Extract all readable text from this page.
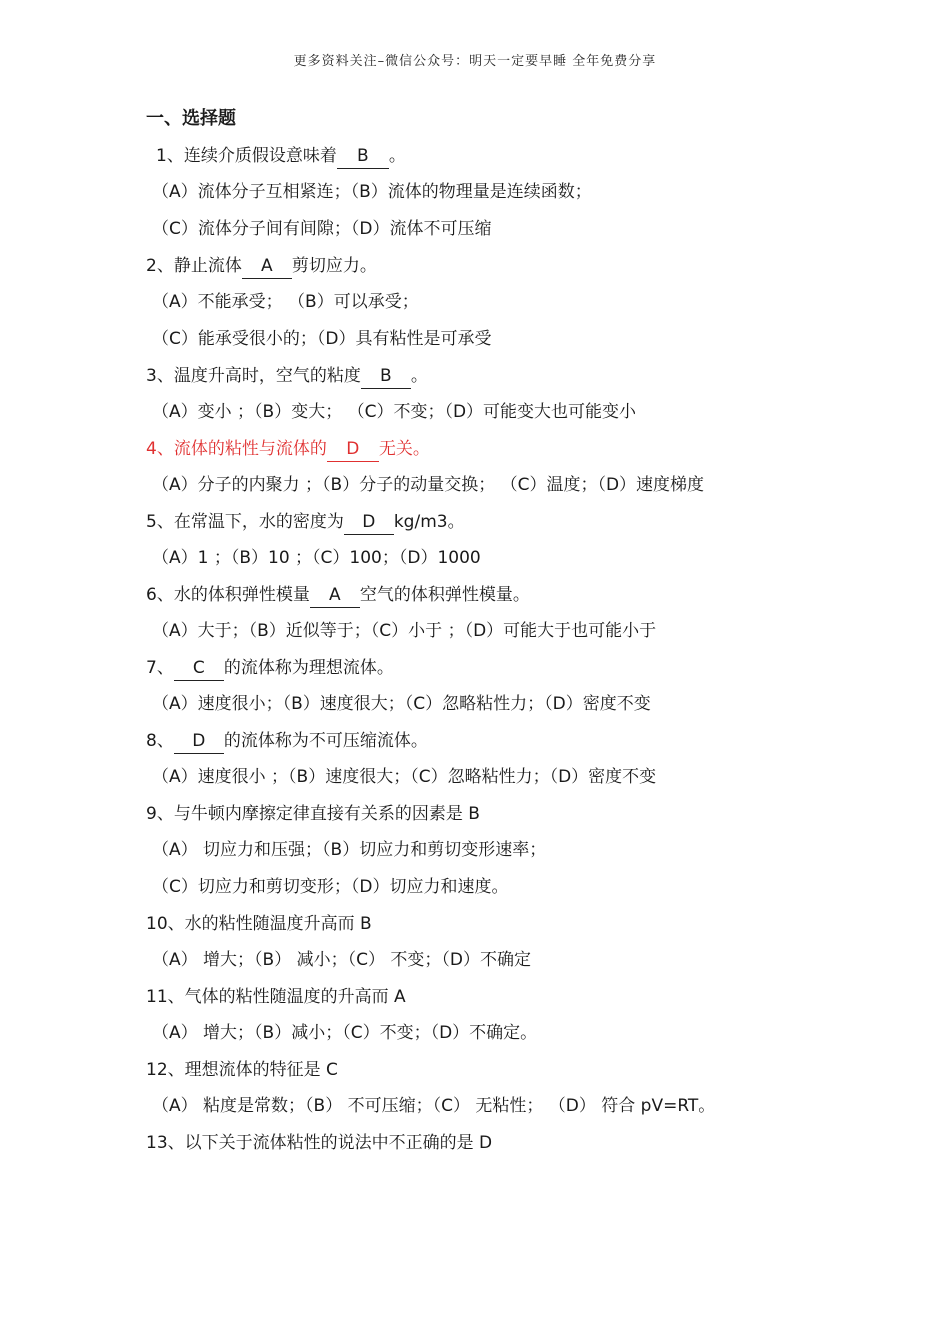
更多资料关注–微信公众号：明天一定要早睡 全年免费分享
一、选择题
1、连续介质假设意味着 B 。
（A）流体分子互相紧连；（B）流体的物理量是连续函数；
（C）流体分子间有间隙；（D）流体不可压缩
2、静止流体 A 剪切应力。
（A）不能承受； （B）可以承受；
（C）能承受很小的；（D）具有粘性是可承受
3、温度升高时，空气的粘度 B 。
（A）变小 ；（B）变大； （C）不变；（D）可能变大也可能变小
4、流体的粘性与流体的 D 无关。
（A）分子的内聚力 ；（B）分子的动量交换； （C）温度；（D）速度梯度
5、在常温下，水的密度为 D kg/m3。
（A）1 ；（B）10 ；（C）100；（D）1000
6、水的体积弹性模量 A 空气的体积弹性模量。
（A）大于；（B）近似等于；（C）小于 ；（D）可能大于也可能小于
7、 C 的流体称为理想流体。
（A）速度很小；（B）速度很大；（C）忽略粘性力；（D）密度不变
8、 D 的流体称为不可压缩流体。
（A）速度很小 ；（B）速度很大；（C）忽略粘性力；（D）密度不变
9、与牛顿内摩擦定律直接有关系的因素是 B
（A） 切应力和压强；（B）切应力和剪切变形速率；
（C）切应力和剪切变形；（D）切应力和速度。
10、水的粘性随温度升高而 B
（A） 增大；（B） 减小；（C） 不变；（D）不确定
11、气体的粘性随温度的升高而 A
（A） 增大；（B）减小；（C）不变；（D）不确定。
12、理想流体的特征是 C
（A） 粘度是常数；（B） 不可压缩；（C） 无粘性； （D） 符合 pV=RT。
13、以下关于流体粘性的说法中不正确的是 D
